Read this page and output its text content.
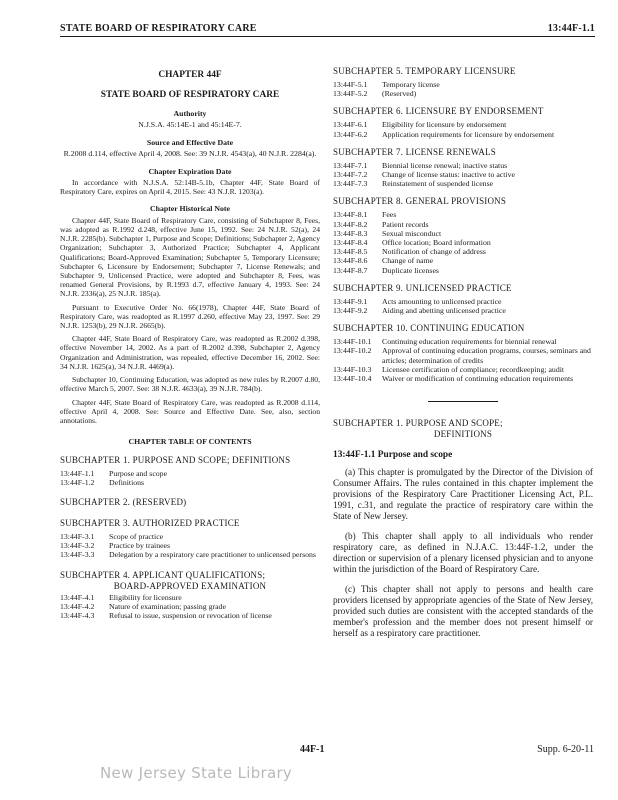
STATE BOARD OF RESPIRATORY CARE	13:44F-1.1
CHAPTER 44F
STATE BOARD OF RESPIRATORY CARE
Authority

N.J.S.A. 45:14E-1 and 45:14E-7.

Source and Effective Date

R.2008 d.114, effective April 4, 2008. See: 39 N.J.R. 4543(a), 40 N.J.R. 2284(a).

Chapter Expiration Date

In accordance with N.J.S.A. 52:14B-5.1b, Chapter 44F, State Board of Respiratory Care, expires on April 4, 2015. See: 43 N.J.R. 1203(a).

Chapter Historical Note

Chapter 44F, State Board of Respiratory Care, consisting of Subchapter 8, Fees, was adopted as R.1992 d.248, effective June 15, 1992. See: 24 N.J.R. 52(a), 24 N.J.R. 2285(b). Subchapter 1, Purpose and Scope; Definitions; Subchapter 2, Agency Organization; Subchapter 3, Authorized Practice; Subchapter 4, Applicant Qualifications; Board-Approved Examination; Subchapter 5, Temporary Licensure; Subchapter 6, Licensure by Endorsement; Subchapter 7, License Renewals; and Subchapter 9, Unlicensed Practice, were adopted and Subchapter 8, Fees, was renamed General Provisions, by R.1993 d.7, effective January 4, 1993. See: 24 N.J.R. 2336(a), 25 N.J.R. 185(a).

Pursuant to Executive Order No. 66(1978), Chapter 44F, State Board of Respiratory Care, was readopted as R.1997 d.260, effective May 23, 1997. See: 29 N.J.R. 1253(b), 29 N.J.R. 2665(b).

Chapter 44F, State Board of Respiratory Care, was readopted as R.2002 d.398, effective November 14, 2002. As a part of R.2002 d.398, Subchapter 2, Agency Organization and Administration, was repealed, effective December 16, 2002. See: 34 N.J.R. 1625(a), 34 N.J.R. 4469(a).

Subchapter 10, Continuing Education, was adopted as new rules by R.2007 d.80, effective March 5, 2007. See: 38 N.J.R. 4633(a), 39 N.J.R. 784(b).

Chapter 44F, State Board of Respiratory Care, was readopted as R.2008 d.114, effective April 4, 2008. See: Source and Effective Date. See, also, section annotations.

CHAPTER TABLE OF CONTENTS
SUBCHAPTER 1. PURPOSE AND SCOPE; DEFINITIONS
13:44F-1.1	Purpose and scope
13:44F-1.2	Definitions
SUBCHAPTER 2. (RESERVED)
SUBCHAPTER 3. AUTHORIZED PRACTICE
13:44F-3.1	Scope of practice
13:44F-3.2	Practice by trainees
13:44F-3.3	Delegation by a respiratory care practitioner to unlicensed persons
SUBCHAPTER 4. APPLICANT QUALIFICATIONS;
BOARD-APPROVED EXAMINATION
13:44F-4.1	Eligibility for licensure
13:44F-4.2	Nature of examination; passing grade
13:44F-4.3	Refusal to issue, suspension or revocation of license
SUBCHAPTER 5. TEMPORARY LICENSURE
13:44F-5.1	Temporary license
13:44F-5.2	(Reserved)
SUBCHAPTER 6. LICENSURE BY ENDORSEMENT
13:44F-6.1	Eligibility for licensure by endorsement
13:44F-6.2	Application requirements for licensure by endorsement
SUBCHAPTER 7. LICENSE RENEWALS
13:44F-7.1	Biennial license renewal; inactive status
13:44F-7.2	Change of license status: inactive to active
13:44F-7.3	Reinstatement of suspended license
SUBCHAPTER 8. GENERAL PROVISIONS
13:44F-8.1	Fees
13:44F-8.2	Patient records
13:44F-8.3	Sexual misconduct
13:44F-8.4	Office location; Board information
13:44F-8.5	Notification of change of address
13:44F-8.6	Change of name
13:44F-8.7	Duplicate licenses
SUBCHAPTER 9. UNLICENSED PRACTICE
13:44F-9.1	Acts amounting to unlicensed practice
13:44F-9.2	Aiding and abetting unlicensed practice
SUBCHAPTER 10. CONTINUING EDUCATION
13:44F-10.1	Continuing education requirements for biennial renewal
13:44F-10.2	Approval of continuing education programs, courses, seminars and articles; determination of credits
13:44F-10.3	Licensee certification of compliance; recordkeeping; audit
13:44F-10.4	Waiver or modification of continuing education requirements
SUBCHAPTER 1. PURPOSE AND SCOPE;
DEFINITIONS
13:44F-1.1 Purpose and scope

(a) This chapter is promulgated by the Director of the Division of Consumer Affairs. The rules contained in this chapter implement the provisions of the Respiratory Care Practitioner Licensing Act, P.L. 1991, c.31, and regulate the practice of respiratory care within the State of New Jersey.

(b) This chapter shall apply to all individuals who render respiratory care, as defined in N.J.A.C. 13:44F-1.2, under the direction or supervision of a plenary licensed physician and to anyone within the jurisdiction of the Board of Respiratory Care.

(c) This chapter shall not apply to persons and health care providers licensed by appropriate agencies of the State of New Jersey, provided such duties are consistent with the accepted standards of the member's profession and the member does not present himself or herself as a respiratory care practitioner.

44F-1	Supp. 6-20-11
New Jersey State Library
